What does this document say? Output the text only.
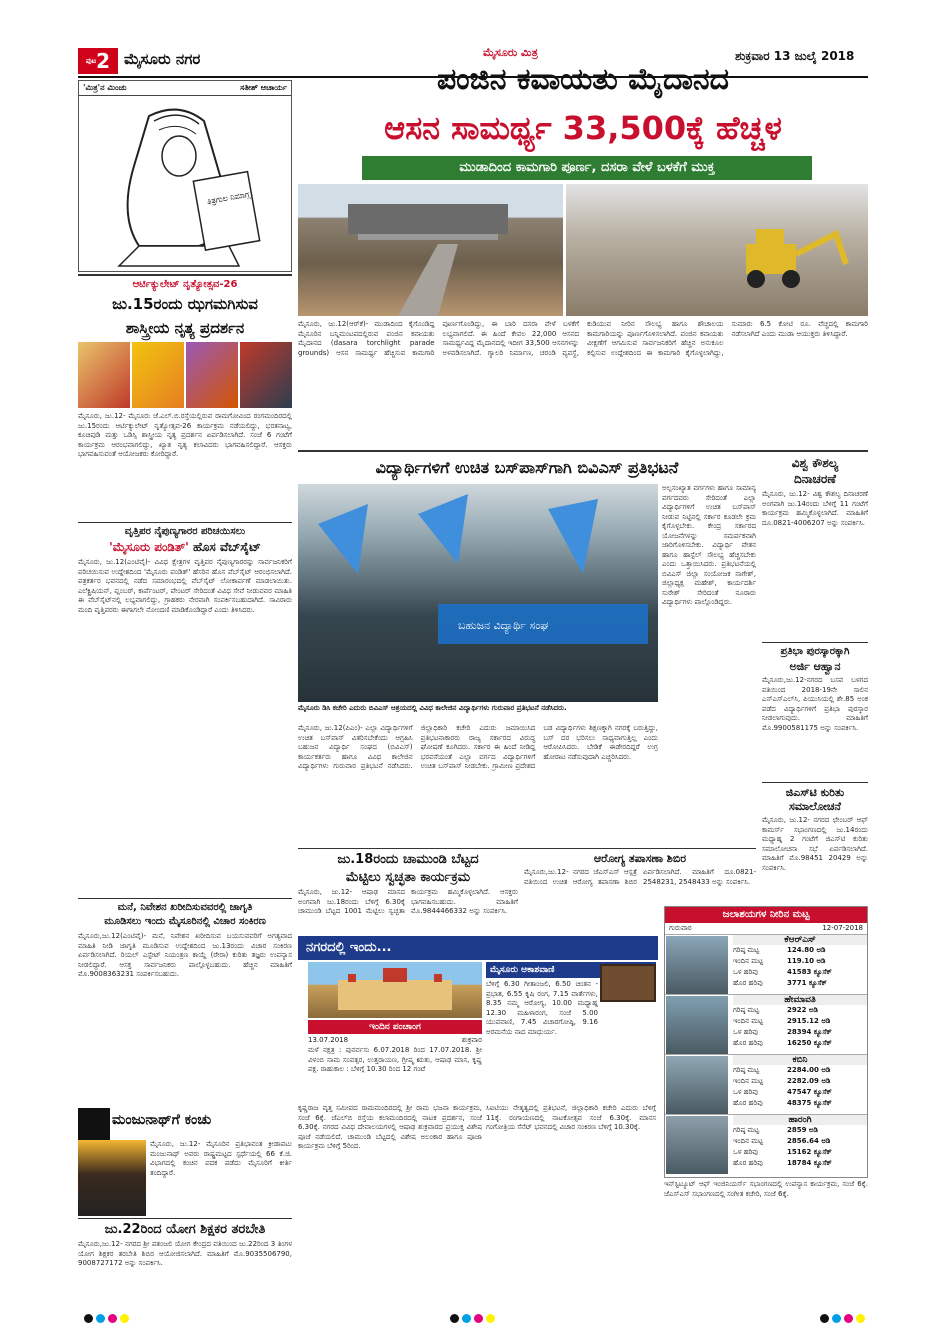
$^{ಪುಟ}$2 ಮೈಸೂರು ನಗರ	ಮೈಸೂರು ಮಿತ್ರ	ಶುಕ್ರವಾರ 13 ಜುಲೈ 2018
'ಮಿತ್ರ'ನ ಮಿಂಚು	ಸತೀಶ್ ಆಚಾರ್ಯ
ತಿತ್ರಗುಲ ನಿಮಾಗ್ಗ
ಪಂಜಿನ ಕವಾಯತು ಮೈದಾನದ
ಆಸನ ಸಾಮರ್ಥ್ಯ 33,500ಕ್ಕೆ ಹೆಚ್ಚಳ
ಮುಡಾದಿಂದ ಕಾಮಗಾರಿ ಪೂರ್ಣ, ದಸರಾ ವೇಳೆ ಬಳಕೆಗೆ ಮುಕ್ತ
ಮೈಸೂರು, ಜು.12(ಆರ್‌ಕೆ)- ಮುಡಾದಿಂದ ಕೈಗೊಂಡಿದ್ದ ಮೈಸೂರಿನ ಬನ್ನಿಮಂಟಪದಲ್ಲಿರುವ ಪಂಜಿನ ಕವಾಯತು ಮೈದಾನದ (dasara torchlight parade grounds) ಆಸನ ಸಾಮರ್ಥ್ಯ ಹೆಚ್ಚಿಸುವ ಕಾಮಗಾರಿ ಪೂರ್ಣಗೊಂಡಿದ್ದು, ಈ ಬಾರಿ ದಸರಾ ವೇಳೆ ಬಳಕೆಗೆ ಲಭ್ಯವಾಗಲಿದೆ. ಈ ಹಿಂದೆ ಕೇವಲ 22,000 ಆಸನದ ಸಾಮರ್ಥ್ಯವಿದ್ದ ಮೈದಾನದಲ್ಲಿ ಇದೀಗ 33,500 ಆಸನಗಳನ್ನು ಅಳವಡಿಸಲಾಗಿದೆ. ಗ್ಯಾಲರಿ ನಿರ್ಮಾಣ, ಚರಂಡಿ ವ್ಯವಸ್ಥೆ, ಕುಡಿಯುವ ನೀರಿನ ಸೌಲಭ್ಯ ಹಾಗೂ ಶೌಚಾಲಯ ಕಾಮಗಾರಿಯನ್ನು ಪೂರ್ಣಗೊಳಿಸಲಾಗಿದೆ. ಪಂಜಿನ ಕವಾಯತು ವೀಕ್ಷಣೆಗೆ ಆಗಮಿಸುವ ಸಾರ್ವಜನಿಕರಿಗೆ ಹೆಚ್ಚಿನ ಅನುಕೂಲ ಕಲ್ಪಿಸುವ ಉದ್ದೇಶದಿಂದ ಈ ಕಾಮಗಾರಿ ಕೈಗೊಳ್ಳಲಾಗಿದ್ದು, ಸುಮಾರು 6.5 ಕೋಟಿ ರೂ. ವೆಚ್ಚದಲ್ಲಿ ಕಾಮಗಾರಿ ನಡೆಸಲಾಗಿದೆ ಎಂದು ಮುಡಾ ಆಯುಕ್ತರು ತಿಳಿಸಿದ್ದಾರೆ.
ಆರ್ಟಿಕ್ಯುಲೇಟ್ ನೃತ್ಯೋತ್ಸವ-26
ಜು.15ರಂದು ಝಗಮಗಿಸುವ
ಶಾಸ್ತ್ರೀಯ ನೃತ್ಯ ಪ್ರದರ್ಶನ
ಮೈಸೂರು, ಜು.12- ಮೈಸೂರು ಜೆ.ಎಲ್.ಬಿ.ರಸ್ತೆಯಲ್ಲಿರುವ ರಾಮಗೋವಿಂದ ರಂಗಮಂದಿರದಲ್ಲಿ ಜು.15ರಂದು ಆರ್ಟಿಕ್ಯುಲೇಟ್ ನೃತ್ಯೋತ್ಸವ-26 ಕಾರ್ಯಕ್ರಮ ನಡೆಯಲಿದ್ದು, ಭರತನಾಟ್ಯ, ಕೂಚಿಪುಡಿ ಮತ್ತು ಒಡಿಸ್ಸಿ ಶಾಸ್ತ್ರೀಯ ನೃತ್ಯ ಪ್ರದರ್ಶನ ಏರ್ಪಡಿಸಲಾಗಿದೆ. ಸಂಜೆ 6 ಗಂಟೆಗೆ ಕಾರ್ಯಕ್ರಮ ಆರಂಭವಾಗಲಿದ್ದು, ಖ್ಯಾತ ನೃತ್ಯ ಕಲಾವಿದರು ಭಾಗವಹಿಸಲಿದ್ದಾರೆ. ಆಸಕ್ತರು ಭಾಗವಹಿಸುವಂತೆ ಆಯೋಜಕರು ಕೋರಿದ್ದಾರೆ.
ವೃತ್ತಿಪರ ನೈಪುಣ್ಯಗಾರರ ಪರಿಚಯಿಸಲು
'ಮೈಸೂರು ಪಂಡಿತ್' ಹೊಸ ವೆಬ್‌ಸೈಟ್
ಮೈಸೂರು, ಜು.12(ಎಂಟಿವೈ)- ವಿವಿಧ ಕ್ಷೇತ್ರಗಳ ವೃತ್ತಿಪರ ನೈಪುಣ್ಯಗಾರರನ್ನು ಸಾರ್ವಜನಿಕರಿಗೆ ಪರಿಚಯಿಸುವ ಉದ್ದೇಶದಿಂದ 'ಮೈಸೂರು ಪಂಡಿತ್' ಹೆಸರಿನ ಹೊಸ ವೆಬ್‌ಸೈಟ್ ಆರಂಭಿಸಲಾಗಿದೆ. ಪತ್ರಕರ್ತರ ಭವನದಲ್ಲಿ ನಡೆದ ಸಮಾರಂಭದಲ್ಲಿ ವೆಬ್‌ಸೈಟ್ ಲೋಕಾರ್ಪಣೆ ಮಾಡಲಾಯಿತು. ಎಲೆಕ್ಟ್ರಿಷಿಯನ್, ಪ್ಲಂಬರ್, ಕಾರ್ಪೆಂಟರ್, ಪೇಂಟರ್ ಸೇರಿದಂತೆ ವಿವಿಧ ಸೇವೆ ನೀಡುವವರ ಮಾಹಿತಿ ಈ ವೆಬ್‌ಸೈಟ್‌ನಲ್ಲಿ ಲಭ್ಯವಾಗಲಿದ್ದು, ಗ್ರಾಹಕರು ನೇರವಾಗಿ ಸಂಪರ್ಕಿಸಬಹುದಾಗಿದೆ. ಸಾವಿರಾರು ಮಂದಿ ವೃತ್ತಿಪರರು ಈಗಾಗಲೇ ನೋಂದಣಿ ಮಾಡಿಕೊಂಡಿದ್ದಾರೆ ಎಂದು ತಿಳಿಸಿದರು.
ಮನೆ, ನಿವೇಶನ ಖರೀದಿಸುವವರಲ್ಲಿ ಜಾಗೃತಿ
ಮೂಡಿಸಲು ಇಂದು ಮೈಸೂರಿನಲ್ಲಿ ವಿಚಾರ ಸಂಕಿರಣ
ಮೈಸೂರು,ಜು.12(ಎಂಟಿವೈ)- ಮನೆ, ನಿವೇಶನ ಖರೀದಿಸುವ ಬಯಸುವವರಿಗೆ ಅಗತ್ಯವಾದ ಮಾಹಿತಿ ನೀಡಿ ಜಾಗೃತಿ ಮೂಡಿಸುವ ಉದ್ದೇಶದಿಂದ ಜು.13ರಂದು ವಿಚಾರ ಸಂಕಿರಣ ಏರ್ಪಡಿಸಲಾಗಿದೆ. ರಿಯಲ್ ಎಸ್ಟೇಟ್ ನಿಯಂತ್ರಣ ಕಾಯ್ದೆ (ರೇರಾ) ಕುರಿತು ತಜ್ಞರು ಉಪನ್ಯಾಸ ನೀಡಲಿದ್ದಾರೆ. ಆಸಕ್ತ ಸಾರ್ವಜನಿಕರು ಪಾಲ್ಗೊಳ್ಳಬಹುದು. ಹೆಚ್ಚಿನ ಮಾಹಿತಿಗೆ ಮೊ.9008363231 ಸಂಪರ್ಕಿಸಬಹುದು.
ಮಂಜುನಾಥ್‌ಗೆ ಕಂಚು
ಮೈಸೂರು, ಜು.12- ಮೈಸೂರಿನ ಪ್ರತಿಭಾವಂತ ಕ್ರೀಡಾಪಟು ಮಂಜುನಾಥ್ ಅವರು ರಾಷ್ಟ್ರಮಟ್ಟದ ಸ್ಪರ್ಧೆಯಲ್ಲಿ 66 ಕೆ.ಜಿ. ವಿಭಾಗದಲ್ಲಿ ಕಂಚಿನ ಪದಕ ಪಡೆದು ಮೈಸೂರಿಗೆ ಕೀರ್ತಿ ತಂದಿದ್ದಾರೆ.
ಜು.22ರಿಂದ ಯೋಗ ಶಿಕ್ಷಕರ ತರಬೇತಿ
ಮೈಸೂರು,ಜು.12- ನಗರದ ಶ್ರೀ ಪತಂಜಲಿ ಯೋಗ ಕೇಂದ್ರದ ವತಿಯಿಂದ ಜು.22ರಿಂದ 3 ತಿಂಗಳ ಯೋಗ ಶಿಕ್ಷಕರ ತರಬೇತಿ ಶಿಬಿರ ಆಯೋಜಿಸಲಾಗಿದೆ. ಮಾಹಿತಿಗೆ ಮೊ.9035506790, 9008727172 ಅನ್ನು ಸಂಪರ್ಕಿಸಿ.
ವಿದ್ಯಾರ್ಥಿಗಳಿಗೆ ಉಚಿತ ಬಸ್‌ಪಾಸ್‌ಗಾಗಿ ಬಿವಿಎಸ್ ಪ್ರತಿಭಟನೆ
ಬಹುಜನ ವಿದ್ಯಾರ್ಥಿ ಸಂಘ
ಮೈಸೂರು ಡಿಸಿ ಕಚೇರಿ ಎದುರು ಬಿವಿಎಸ್ ಆಶ್ರಯದಲ್ಲಿ ವಿವಿಧ ಕಾಲೇಜಿನ ವಿದ್ಯಾರ್ಥಿಗಳು ಗುರುವಾರ ಪ್ರತಿಭಟನೆ ನಡೆಸಿದರು.
ಮೈಸೂರು, ಜು.12(ಪಿಎಂ)- ಎಲ್ಲಾ ವಿದ್ಯಾರ್ಥಿಗಳಿಗೆ ಉಚಿತ ಬಸ್‌ಪಾಸ್ ವಿತರಿಸಬೇಕೆಂದು ಆಗ್ರಹಿಸಿ ಬಹುಜನ ವಿದ್ಯಾರ್ಥಿ ಸಂಘದ (ಬಿವಿಎಸ್) ಕಾರ್ಯಕರ್ತರು ಹಾಗೂ ವಿವಿಧ ಕಾಲೇಜಿನ ವಿದ್ಯಾರ್ಥಿಗಳು ಗುರುವಾರ ಪ್ರತಿಭಟನೆ ನಡೆಸಿದರು. ಜಿಲ್ಲಾಧಿಕಾರಿ ಕಚೇರಿ ಎದುರು ಜಮಾಯಿಸಿದ ಪ್ರತಿಭಟನಾಕಾರರು ರಾಜ್ಯ ಸರ್ಕಾರದ ವಿರುದ್ಧ ಘೋಷಣೆ ಕೂಗಿದರು. ಸರ್ಕಾರ ಈ ಹಿಂದೆ ನೀಡಿದ್ದ ಭರವಸೆಯಂತೆ ಎಲ್ಲಾ ವರ್ಗದ ವಿದ್ಯಾರ್ಥಿಗಳಿಗೆ ಉಚಿತ ಬಸ್‌ಪಾಸ್ ನೀಡಬೇಕು. ಗ್ರಾಮೀಣ ಪ್ರದೇಶದ ಬಡ ವಿದ್ಯಾರ್ಥಿಗಳು ಶಿಕ್ಷಣಕ್ಕಾಗಿ ನಗರಕ್ಕೆ ಬರುತ್ತಿದ್ದು, ಬಸ್ ದರ ಭರಿಸಲು ಸಾಧ್ಯವಾಗುತ್ತಿಲ್ಲ ಎಂದು ಆರೋಪಿಸಿದರು. ಬೇಡಿಕೆ ಈಡೇರದಿದ್ದರೆ ಉಗ್ರ ಹೋರಾಟ ನಡೆಸುವುದಾಗಿ ಎಚ್ಚರಿಸಿದರು.
ಅಲ್ಪಸಂಖ್ಯಾತ ವರ್ಗಗಳು ಹಾಗೂ ಸಾಮಾನ್ಯ ವರ್ಗದವರು ಸೇರಿದಂತೆ ಎಲ್ಲಾ ವಿದ್ಯಾರ್ಥಿಗಳಿಗೆ ಉಚಿತ ಬಸ್‌ಪಾಸ್ ನೀಡುವ ನಿಟ್ಟಿನಲ್ಲಿ ಸರ್ಕಾರ ಕೂಡಲೇ ಕ್ರಮ ಕೈಗೊಳ್ಳಬೇಕು. ಕೇಂದ್ರ ಸರ್ಕಾರದ ಯೋಜನೆಗಳನ್ನು ಸಮರ್ಪಕವಾಗಿ ಜಾರಿಗೊಳಿಸಬೇಕು. ವಿದ್ಯಾರ್ಥಿ ವೇತನ ಹಾಗೂ ಹಾಸ್ಟೆಲ್ ಸೌಲಭ್ಯ ಹೆಚ್ಚಿಸಬೇಕು ಎಂದು ಒತ್ತಾಯಿಸಿದರು. ಪ್ರತಿಭಟನೆಯಲ್ಲಿ ಬಿವಿಎಸ್ ಜಿಲ್ಲಾ ಸಂಯೋಜಕ ನಾಗೇಶ್, ಜಿಲ್ಲಾಧ್ಯಕ್ಷ ಮಹೇಶ್, ಕಾರ್ಯದರ್ಶಿ ಸುರೇಶ್ ಸೇರಿದಂತೆ ನೂರಾರು ವಿದ್ಯಾರ್ಥಿಗಳು ಪಾಲ್ಗೊಂಡಿದ್ದರು.
ವಿಶ್ವ ಕೌಶಲ್ಯ
ದಿನಾಚರಣೆ
ಮೈಸೂರು, ಜು.12- ವಿಶ್ವ ಕೌಶಲ್ಯ ದಿನಾಚರಣೆ ಅಂಗವಾಗಿ ಜು.14ರಂದು ಬೆಳಿಗ್ಗೆ 11 ಗಂಟೆಗೆ ಕಾರ್ಯಕ್ರಮ ಹಮ್ಮಿಕೊಳ್ಳಲಾಗಿದೆ. ಮಾಹಿತಿಗೆ ದೂ.0821-4006207 ಅನ್ನು ಸಂಪರ್ಕಿಸಿ.
ಪ್ರತಿಭಾ ಪುರಸ್ಕಾರಕ್ಕಾಗಿ
ಅರ್ಜಿ ಆಹ್ವಾನ
ಮೈಸೂರು,ಜು.12-ನಗರದ ಬಸವ ಬಳಗದ ವತಿಯಿಂದ 2018-19ನೇ ಸಾಲಿನ ಎಸ್‌ಎಸ್‌ಎಲ್‌ಸಿ, ಪಿಯುಸಿಯಲ್ಲಿ ಶೇ.85 ಅಂಕ ಪಡೆದ ವಿದ್ಯಾರ್ಥಿಗಳಿಗೆ ಪ್ರತಿಭಾ ಪುರಸ್ಕಾರ ನೀಡಲಾಗುವುದು. ಮಾಹಿತಿಗೆ ಮೊ.9900581175 ಅನ್ನು ಸಂಪರ್ಕಿಸಿ.
ಜಿಎಸ್‌ಟಿ ಕುರಿತು
ಸಮಾಲೋಚನೆ
ಮೈಸೂರು, ಜು.12- ನಗರದ ಛೇಂಬರ್ ಆಫ್ ಕಾಮರ್ಸ್ ಸಭಾಂಗಣದಲ್ಲಿ ಜು.14ರಂದು ಮಧ್ಯಾಹ್ನ 2 ಗಂಟೆಗೆ ಜಿಎಸ್‌ಟಿ ಕುರಿತು ಸಮಾಲೋಚನಾ ಸಭೆ ಏರ್ಪಡಿಸಲಾಗಿದೆ. ಮಾಹಿತಿಗೆ ಮೊ.98451 20429 ಅನ್ನು ಸಂಪರ್ಕಿಸಿ.
ಜು.18ರಂದು ಚಾಮುಂಡಿ ಬೆಟ್ಟದ
ಮೆಟ್ಟಿಲು ಸ್ವಚ್ಛತಾ ಕಾರ್ಯಕ್ರಮ
ಮೈಸೂರು, ಜು.12- ಆಷಾಢ ಮಾಸದ ಅಂಗವಾಗಿ ಜು.18ರಂದು ಬೆಳಿಗ್ಗೆ 6.30ಕ್ಕೆ ಚಾಮುಂಡಿ ಬೆಟ್ಟದ 1001 ಮೆಟ್ಟಿಲು ಸ್ವಚ್ಛತಾ ಕಾರ್ಯಕ್ರಮ ಹಮ್ಮಿಕೊಳ್ಳಲಾಗಿದೆ. ಆಸಕ್ತರು ಭಾಗವಹಿಸಬಹುದು. ಮಾಹಿತಿಗೆ ಮೊ.9844466332 ಅನ್ನು ಸಂಪರ್ಕಿಸಿ.
ಆರೋಗ್ಯ ತಪಾಸಣಾ ಶಿಬಿರ
ಮೈಸೂರು,ಜು.12- ನಗರದ ಜೆಎಸ್‌ಎಸ್ ಆಸ್ಪತ್ರೆ ವತಿಯಿಂದ ಉಚಿತ ಆರೋಗ್ಯ ತಪಾಸಣಾ ಶಿಬಿರ ಏರ್ಪಡಿಸಲಾಗಿದೆ. ಮಾಹಿತಿಗೆ ದೂ.0821-2548231, 2548433 ಅನ್ನು ಸಂಪರ್ಕಿಸಿ.
ನಗರದಲ್ಲಿ ಇಂದು...
ಮೈಸೂರು ಆಕಾಶವಾಣಿ
ಬೆಳಿಗ್ಗೆ 6.30 ಗೀತಾಂಜಲಿ, 6.50 ಚಿಂತನ - ಪ್ರಭಾತ, 6.55 ಕೃಷಿ ರಂಗ, 7.15 ವಾರ್ತೆಗಳು, 8.35 ನಮ್ಮ ಆರೋಗ್ಯ, 10.00 ಮಧ್ಯಾಹ್ನ 12.30 ಮಹಿಳಾರಂಗ, ಸಂಜೆ 5.00 ಯುವವಾಣಿ, 7.45 ವಿಚಾರಗೋಷ್ಠಿ, 9.16 ಅರಮನೆಯ ನಾದ ಮಾಧುರ್ಯ.
ಇಂದಿನ ಪಂಚಾಂಗ
13.07.2018	ಶುಕ್ರವಾರ
ಮಳೆ ನಕ್ಷತ್ರ : ಪುನರ್ವಸು 6.07.2018 ರಿಂದ 17.07.2018. ಶ್ರೀ ವಿಳಂಬಿ ನಾಮ ಸಂವತ್ಸರ, ಉತ್ತರಾಯಣ, ಗ್ರೀಷ್ಮ ಋತು, ಆಷಾಢ ಮಾಸ, ಕೃಷ್ಣ ಪಕ್ಷ. ರಾಹುಕಾಲ : ಬೆಳಿಗ್ಗೆ 10.30 ರಿಂದ 12 ಗಂಟೆ
ಕೃಷ್ಣರಾಜ ವೃತ್ತ ಸಮೀಪದ ರಾಮಮಂದಿರದಲ್ಲಿ ಶ್ರೀ ರಾಮ ಭಜನಾ ಕಾರ್ಯಕ್ರಮ, ಸಂಜೆ 6ಕ್ಕೆ. ಜೆಎಲ್‌ಬಿ ರಸ್ತೆಯ ಕಲಾಮಂದಿರದಲ್ಲಿ ನಾಟಕ ಪ್ರದರ್ಶನ, ಸಂಜೆ 6.30ಕ್ಕೆ. ನಗರದ ವಿವಿಧ ದೇವಾಲಯಗಳಲ್ಲಿ ಆಷಾಢ ಶುಕ್ರವಾರದ ಪ್ರಯುಕ್ತ ವಿಶೇಷ ಪೂಜೆ ನಡೆಯಲಿದೆ. ಚಾಮುಂಡಿ ಬೆಟ್ಟದಲ್ಲಿ ವಿಶೇಷ ಅಲಂಕಾರ ಹಾಗೂ ಪೂಜಾ ಕಾರ್ಯಕ್ರಮ ಬೆಳಿಗ್ಗೆ 5ರಿಂದ.
ಸಿಐಟಿಯು ನೇತೃತ್ವದಲ್ಲಿ ಪ್ರತಿಭಟನೆ, ಜಿಲ್ಲಾಧಿಕಾರಿ ಕಚೇರಿ ಎದುರು ಬೆಳಿಗ್ಗೆ 11ಕ್ಕೆ. ರಂಗಾಯಣದಲ್ಲಿ ನಾಟಕೋತ್ಸವ ಸಂಜೆ 6.30ಕ್ಕೆ. ಮಾನಸ ಗಂಗೋತ್ರಿಯ ಸೆನೆಟ್ ಭವನದಲ್ಲಿ ವಿಚಾರ ಸಂಕಿರಣ ಬೆಳಿಗ್ಗೆ 10.30ಕ್ಕೆ.
ಜಲಾಶಯಗಳ ನೀರಿನ ಮಟ್ಟ
ಗುರುವಾರ	12-07-2018
ಕೆಆರ್‌ಎಸ್
ಗರಿಷ್ಠ ಮಟ್ಟ	124.80 ಅಡಿ
ಇಂದಿನ ಮಟ್ಟ	119.10 ಅಡಿ
ಒಳ ಹರಿವು	41583 ಕ್ಯೂಸೆಕ್
ಹೊರ ಹರಿವು	3771 ಕ್ಯೂಸೆಕ್
ಹೇಮಾವತಿ
ಗರಿಷ್ಠ ಮಟ್ಟ	2922 ಅಡಿ
ಇಂದಿನ ಮಟ್ಟ	2915.12 ಅಡಿ
ಒಳ ಹರಿವು	28394 ಕ್ಯೂಸೆಕ್
ಹೊರ ಹರಿವು	16250 ಕ್ಯೂಸೆಕ್
ಕಬಿನಿ
ಗರಿಷ್ಠ ಮಟ್ಟ	2284.00 ಅಡಿ
ಇಂದಿನ ಮಟ್ಟ	2282.09 ಅಡಿ
ಒಳ ಹರಿವು	47547 ಕ್ಯೂಸೆಕ್
ಹೊರ ಹರಿವು	48375 ಕ್ಯೂಸೆಕ್
ಹಾರಂಗಿ
ಗರಿಷ್ಠ ಮಟ್ಟ	2859 ಅಡಿ
ಇಂದಿನ ಮಟ್ಟ	2856.64 ಅಡಿ
ಒಳ ಹರಿವು	15162 ಕ್ಯೂಸೆಕ್
ಹೊರ ಹರಿವು	18784 ಕ್ಯೂಸೆಕ್
ಇನ್‌ಸ್ಟಿಟ್ಯೂಟ್ ಆಫ್ ಇಂಜಿನಿಯರ್ಸ್ ಸಭಾಂಗಣದಲ್ಲಿ ಉಪನ್ಯಾಸ ಕಾರ್ಯಕ್ರಮ, ಸಂಜೆ 6ಕ್ಕೆ. ಜೆಎಸ್‌ಎಸ್ ಸಭಾಂಗಣದಲ್ಲಿ ಸಂಗೀತ ಕಚೇರಿ, ಸಂಜೆ 6ಕ್ಕೆ.
